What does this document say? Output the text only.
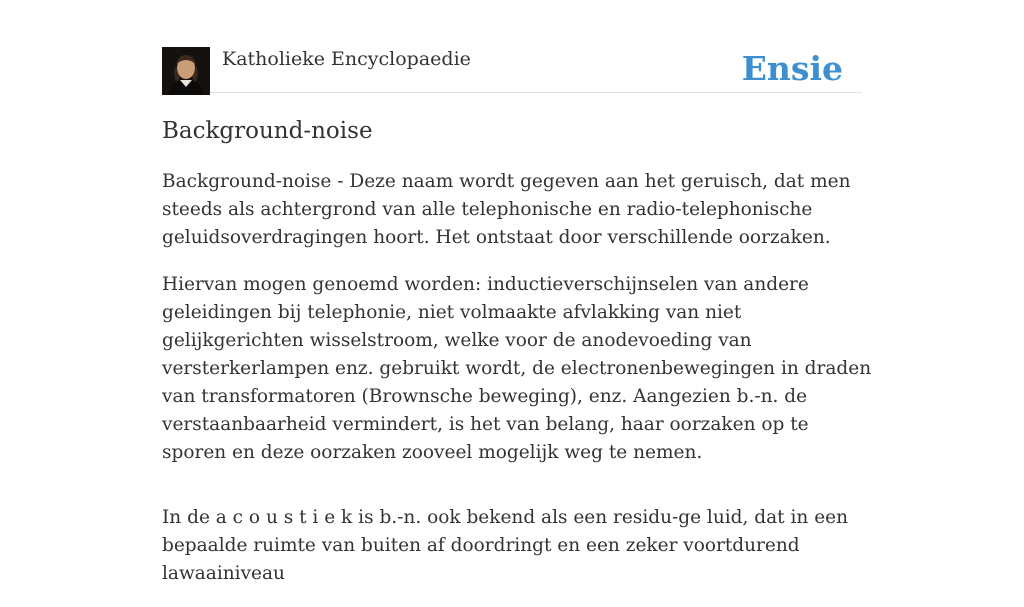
Katholieke Encyclopaedie	Ensie
Background-noise

Background-noise - Deze naam wordt gegeven aan het geruisch, dat men steeds als achtergrond van alle telephonische en radio-telephonische geluidsoverdragingen hoort. Het ontstaat door verschillende oorzaken.

Hiervan mogen genoemd worden: inductieverschijnselen van andere geleidingen bij telephonie, niet volmaakte afvlakking van niet gelijkgerichten wisselstroom, welke voor de anodevoeding van versterkerlampen enz. gebruikt wordt, de electronenbewegingen in draden van transformatoren (Brownsche beweging), enz. Aangezien b.-n. de verstaanbaarheid vermindert, is het van belang, haar oorzaken op te sporen en deze oorzaken zooveel mogelijk weg te nemen.

In de a c o u s t i e k is b.-n. ook bekend als een residu-ge luid, dat in een bepaalde ruimte van buiten af doordringt en een zeker voortdurend lawaainiveau
